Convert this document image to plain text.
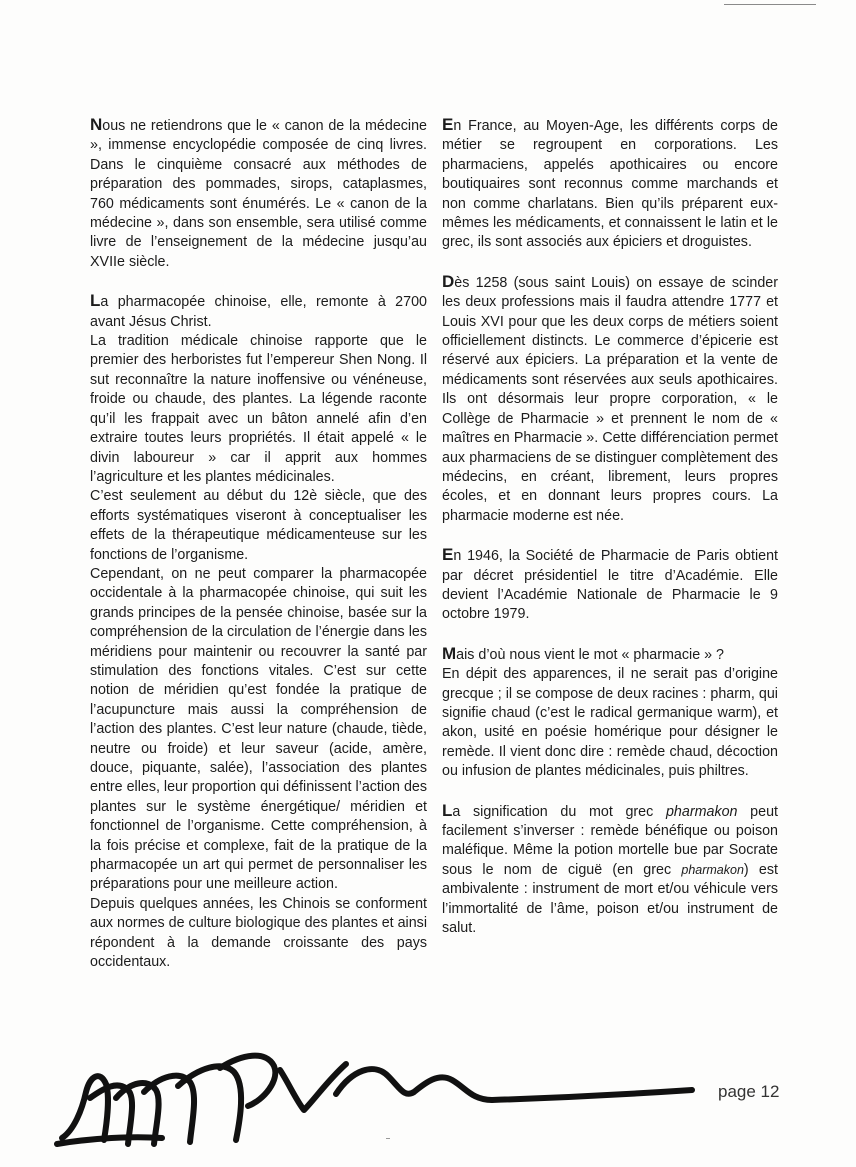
Nous ne retiendrons que le « canon de la médecine », immense encyclopédie composée de cinq livres. Dans le cinquième consacré aux méthodes de préparation des pommades, sirops, cataplasmes, 760 médicaments sont énumérés. Le « canon de la médecine », dans son ensemble, sera utilisé comme livre de l’enseignement de la médecine jusqu’au XVIIe siècle.

La pharmacopée chinoise, elle, remonte à 2700 avant Jésus Christ.

La tradition médicale chinoise rapporte que le premier des herboristes fut l’empereur Shen Nong. Il sut reconnaître la nature inoffensive ou vénéneuse, froide ou chaude, des plantes. La légende raconte qu’il les frappait avec un bâton annelé afin d’en extraire toutes leurs propriétés. Il était appelé « le divin laboureur » car il apprit aux hommes l’agriculture et les plantes médicinales.

C’est seulement au début du 12è siècle, que des efforts systématiques viseront à conceptualiser les effets de la thérapeutique médicamenteuse sur les fonctions de l’organisme.

Cependant, on ne peut comparer la pharmacopée occidentale à la pharmacopée chinoise, qui suit les grands principes de la pensée chinoise, basée sur la compréhension de la circulation de l’énergie dans les méridiens pour maintenir ou recouvrer la santé par stimulation des fonctions vitales. C’est sur cette notion de méridien qu’est fondée la pratique de l’acupuncture mais aussi la compréhension de l’action des plantes. C’est leur nature (chaude, tiède, neutre ou froide) et leur saveur (acide, amère, douce, piquante, salée), l’association des plantes entre elles, leur proportion qui définissent l’action des plantes sur le système énergétique/ méridien et fonctionnel de l’organisme. Cette compréhension, à la fois précise et complexe, fait de la pratique de la pharmacopée un art qui permet de personnaliser les préparations pour une meilleure action.

Depuis quelques années, les Chinois se conforment aux normes de culture biologique des plantes et ainsi répondent à la demande croissante des pays occidentaux.

En France, au Moyen-Age, les différents corps de métier se regroupent en corporations. Les pharmaciens, appelés apothicaires ou encore boutiquaires sont reconnus comme marchands et non comme charlatans. Bien qu’ils préparent eux-mêmes les médicaments, et connaissent le latin et le grec, ils sont associés aux épiciers et droguistes.

Dès 1258 (sous saint Louis) on essaye de scinder les deux professions mais il faudra attendre 1777 et Louis XVI pour que les deux corps de métiers soient officiellement distincts. Le commerce d’épicerie est réservé aux épiciers. La préparation et la vente de médicaments sont réservées aux seuls apothicaires. Ils ont désormais leur propre corporation, « le Collège de Pharmacie » et prennent le nom de « maîtres en Pharmacie ». Cette différenciation permet aux pharmaciens de se distinguer complètement des médecins, en créant, librement, leurs propres écoles, et en donnant leurs propres cours. La pharmacie moderne est née.

En 1946, la Société de Pharmacie de Paris obtient par décret présidentiel le titre d’Académie. Elle devient l’Académie Nationale de Pharmacie le 9 octobre 1979.

Mais d’où nous vient le mot « pharmacie » ?

En dépit des apparences, il ne serait pas d’origine grecque ; il se compose de deux racines : pharm, qui signifie chaud (c’est le radical germanique warm), et akon, usité en poésie homérique pour désigner le remède. Il vient donc dire : remède chaud, décoction ou infusion de plantes médicinales, puis philtres.

La signification du mot grec pharmakon peut facilement s’inverser : remède bénéfique ou poison maléfique. Même la potion mortelle bue par Socrate sous le nom de ciguë (en grec pharmakon) est ambivalente : instrument de mort et/ou véhicule vers l’immortalité de l’âme, poison et/ou instrument de salut.

page 12
